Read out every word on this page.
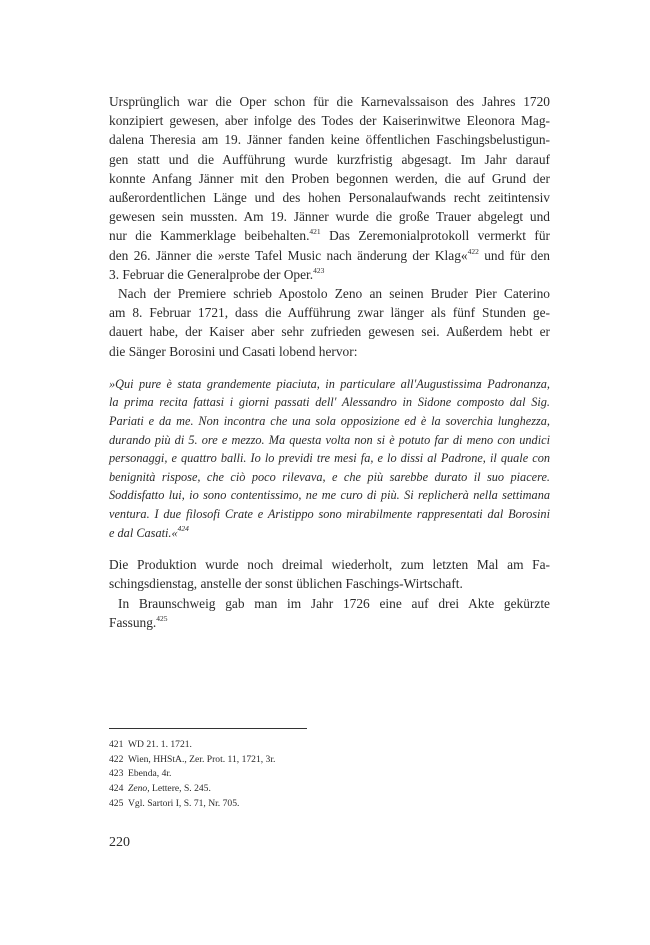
Ursprünglich war die Oper schon für die Karnevalssaison des Jahres 1720
konzipiert gewesen, aber infolge des Todes der Kaiserinwitwe Eleonora Mag-
dalena Theresia am 19. Jänner fanden keine öffentlichen Faschingsbelustigun-
gen statt und die Aufführung wurde kurzfristig abgesagt. Im Jahr darauf
konnte Anfang Jänner mit den Proben begonnen werden, die auf Grund der
außerordentlichen Länge und des hohen Personalaufwands recht zeitintensiv
gewesen sein mussten. Am 19. Jänner wurde die große Trauer abgelegt und
nur die Kammerklage beibehalten.$^{421}$ Das Zeremonialprotokoll vermerkt für
den 26. Jänner die »erste Tafel Music nach änderung der Klag«$^{422}$ und für den
3. Februar die Generalprobe der Oper.$^{423}$

Nach der Premiere schrieb Apostolo Zeno an seinen Bruder Pier Caterino
am 8. Februar 1721, dass die Aufführung zwar länger als fünf Stunden ge-
dauert habe, der Kaiser aber sehr zufrieden gewesen sei. Außerdem hebt er
die Sänger Borosini und Casati lobend hervor:

»Qui pure è stata grandemente piaciuta, in particulare all'Augustissima Padronanza,
la prima recita fattasi i giorni passati dell' Alessandro in Sidone composto dal Sig.
Pariati e da me. Non incontra che una sola opposizione ed è la soverchia lunghezza,
durando più di 5. ore e mezzo. Ma questa volta non si è potuto far di meno con undici
personaggi, e quattro balli. Io lo previdi tre mesi fa, e lo dissi al Padrone, il quale con
benignità rispose, che ciò poco rilevava, e che più sarebbe durato il suo piacere.
Soddisfatto lui, io sono contentissimo, ne me curo di più. Si replicherà nella settimana
ventura. I due filosofi Crate e Aristippo sono mirabilmente rappresentati dal Borosini
e dal Casati.«$^{424}$

Die Produktion wurde noch dreimal wiederholt, zum letzten Mal am Fa-
schingsdienstag, anstelle der sonst üblichen Faschings-Wirtschaft.

In Braunschweig gab man im Jahr 1726 eine auf drei Akte gekürzte
Fassung.$^{425}$

421 WD 21. 1. 1721.
422 Wien, HHStA., Zer. Prot. 11, 1721, 3r.
423 Ebenda, 4r.
424 Zeno, Lettere, S. 245.
425 Vgl. Sartori I, S. 71, Nr. 705.
220
